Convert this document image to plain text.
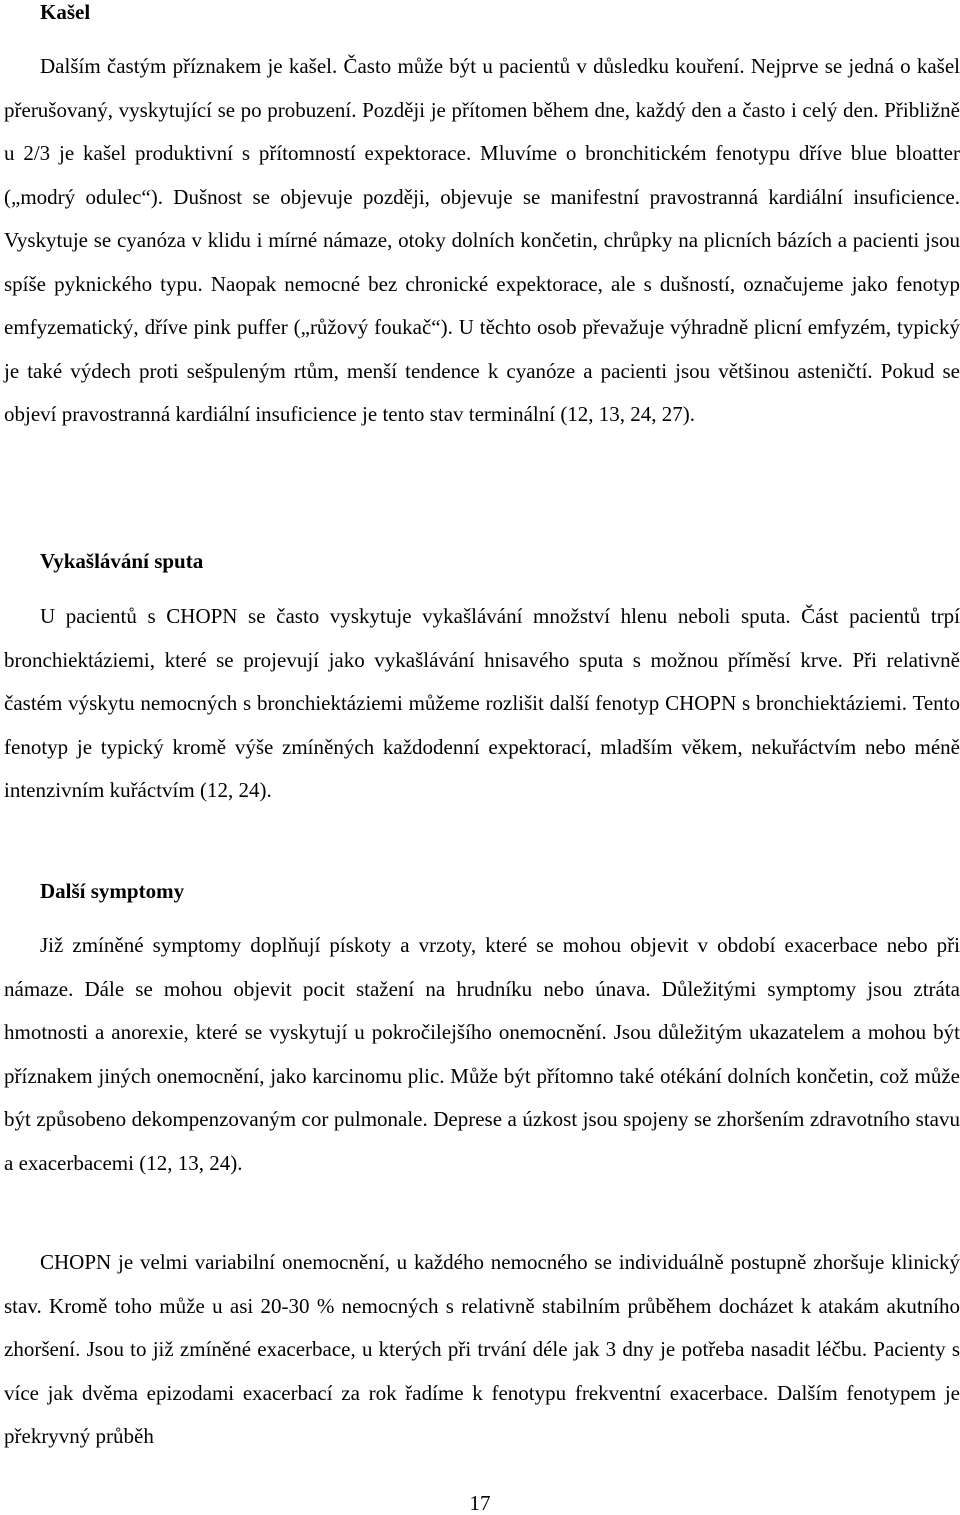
Kašel

Dalším častým příznakem je kašel. Často může být u pacientů v důsledku kouření. Nejprve se jedná o kašel přerušovaný, vyskytující se po probuzení. Později je přítomen během dne, každý den a často i celý den. Přibližně u 2/3 je kašel produktivní s přítomností expektorace. Mluvíme o bronchitickém fenotypu dříve blue bloatter („modrý odulec“). Dušnost se objevuje později, objevuje se manifestní pravostranná kardiální insuficience. Vyskytuje se cyanóza v klidu i mírné námaze, otoky dolních končetin, chrůpky na plicních bázích a pacienti jsou spíše pyknického typu. Naopak nemocné bez chronické expektorace, ale s dušností, označujeme jako fenotyp emfyzematický, dříve pink puffer („růžový foukač“). U těchto osob převažuje výhradně plicní emfyzém, typický je také výdech proti sešpuleným rtům, menší tendence k cyanóze a pacienti jsou většinou asteničtí. Pokud se objeví pravostranná kardiální insuficience je tento stav terminální (12, 13, 24, 27).

Vykašlávání sputa

U pacientů s CHOPN se často vyskytuje vykašlávání množství hlenu neboli sputa. Část pacientů trpí bronchiektáziemi, které se projevují jako vykašlávání hnisavého sputa s možnou příměsí krve. Při relativně častém výskytu nemocných s bronchiektáziemi můžeme rozlišit další fenotyp CHOPN s bronchiektáziemi. Tento fenotyp je typický kromě výše zmíněných každodenní expektorací, mladším věkem, nekuřáctvím nebo méně intenzivním kuřáctvím (12, 24).

Další symptomy

Již zmíněné symptomy doplňují pískoty a vrzoty, které se mohou objevit v období exacerbace nebo při námaze. Dále se mohou objevit pocit stažení na hrudníku nebo únava. Důležitými symptomy jsou ztráta hmotnosti a anorexie, které se vyskytují u pokročilejšího onemocnění. Jsou důležitým ukazatelem a mohou být příznakem jiných onemocnění, jako karcinomu plic. Může být přítomno také otékání dolních končetin, což může být způsobeno dekompenzovaným cor pulmonale. Deprese a úzkost jsou spojeny se zhoršením zdravotního stavu a exacerbacemi (12, 13, 24).

CHOPN je velmi variabilní onemocnění, u každého nemocného se individuálně postupně zhoršuje klinický stav. Kromě toho může u asi 20-30 % nemocných s relativně stabilním průběhem docházet k atakám akutního zhoršení. Jsou to již zmíněné exacerbace, u kterých při trvání déle jak 3 dny je potřeba nasadit léčbu. Pacienty s více jak dvěma epizodami exacerbací za rok řadíme k fenotypu frekventní exacerbace. Dalším fenotypem je překryvný průběh

17
